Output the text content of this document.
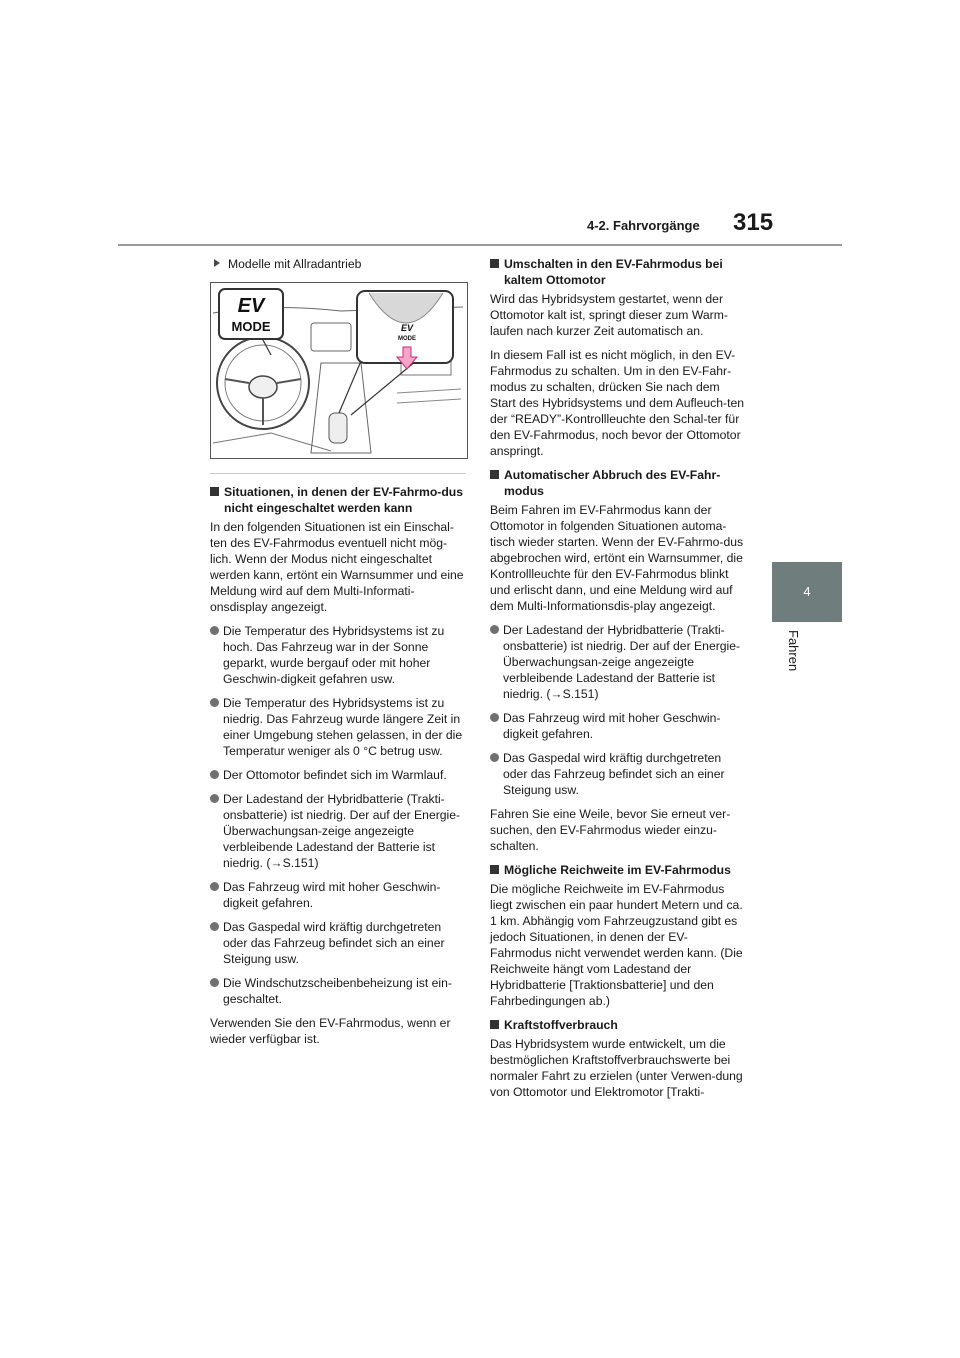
4-2. Fahrvorgänge 315
4
Fahren
Modelle mit Allradantrieb
EV
MODE	EV
MODE
Situationen, in denen der EV-Fahrmo-dus nicht eingeschaltet werden kann

In den folgenden Situationen ist ein Einschal-ten des EV-Fahrmodus eventuell nicht mög-lich. Wenn der Modus nicht eingeschaltet werden kann, ertönt ein Warnsummer und eine Meldung wird auf dem Multi-Informati-onsdisplay angezeigt.

Die Temperatur des Hybridsystems ist zu hoch. Das Fahrzeug war in der Sonne geparkt, wurde bergauf oder mit hoher Geschwin-digkeit gefahren usw.
Die Temperatur des Hybridsystems ist zu niedrig. Das Fahrzeug wurde längere Zeit in einer Umgebung stehen gelassen, in der die Temperatur weniger als 0 °C betrug usw.
Der Ottomotor befindet sich im Warmlauf.
Der Ladestand der Hybridbatterie (Trakti-onsbatterie) ist niedrig. Der auf der Energie-Überwachungsan-zeige angezeigte verbleibende Ladestand der Batterie ist niedrig. (→S.151)
Das Fahrzeug wird mit hoher Geschwin-digkeit gefahren.
Das Gaspedal wird kräftig durchgetreten oder das Fahrzeug befindet sich an einer Steigung usw.
Die Windschutzscheibenbeheizung ist ein-geschaltet.

Verwenden Sie den EV-Fahrmodus, wenn er wieder verfügbar ist.

Umschalten in den EV-Fahrmodus bei kaltem Ottomotor

Wird das Hybridsystem gestartet, wenn der Ottomotor kalt ist, springt dieser zum Warm-laufen nach kurzer Zeit automatisch an.

In diesem Fall ist es nicht möglich, in den EV-Fahrmodus zu schalten. Um in den EV-Fahr-modus zu schalten, drücken Sie nach dem Start des Hybridsystems und dem Aufleuch-ten der “READY”-Kontrollleuchte den Schal-ter für den EV-Fahrmodus, noch bevor der Ottomotor anspringt.

Automatischer Abbruch des EV-Fahr-modus

Beim Fahren im EV-Fahrmodus kann der Ottomotor in folgenden Situationen automa-tisch wieder starten. Wenn der EV-Fahrmo-dus abgebrochen wird, ertönt ein Warnsummer, die Kontrollleuchte für den EV-Fahrmodus blinkt und erlischt dann, und eine Meldung wird auf dem Multi-Informationsdis-play angezeigt.

Der Ladestand der Hybridbatterie (Trakti-onsbatterie) ist niedrig. Der auf der Energie-Überwachungsan-zeige angezeigte verbleibende Ladestand der Batterie ist niedrig. (→S.151)
Das Fahrzeug wird mit hoher Geschwin-digkeit gefahren.
Das Gaspedal wird kräftig durchgetreten oder das Fahrzeug befindet sich an einer Steigung usw.

Fahren Sie eine Weile, bevor Sie erneut ver-suchen, den EV-Fahrmodus wieder einzu-schalten.

Mögliche Reichweite im EV-Fahrmodus

Die mögliche Reichweite im EV-Fahrmodus liegt zwischen ein paar hundert Metern und ca. 1 km. Abhängig vom Fahrzeugzustand gibt es jedoch Situationen, in denen der EV-Fahrmodus nicht verwendet werden kann. (Die Reichweite hängt vom Ladestand der Hybridbatterie [Traktionsbatterie] und den Fahrbedingungen ab.)

Kraftstoffverbrauch

Das Hybridsystem wurde entwickelt, um die bestmöglichen Kraftstoffverbrauchswerte bei normaler Fahrt zu erzielen (unter Verwen-dung von Ottomotor und Elektromotor [Trakti-
